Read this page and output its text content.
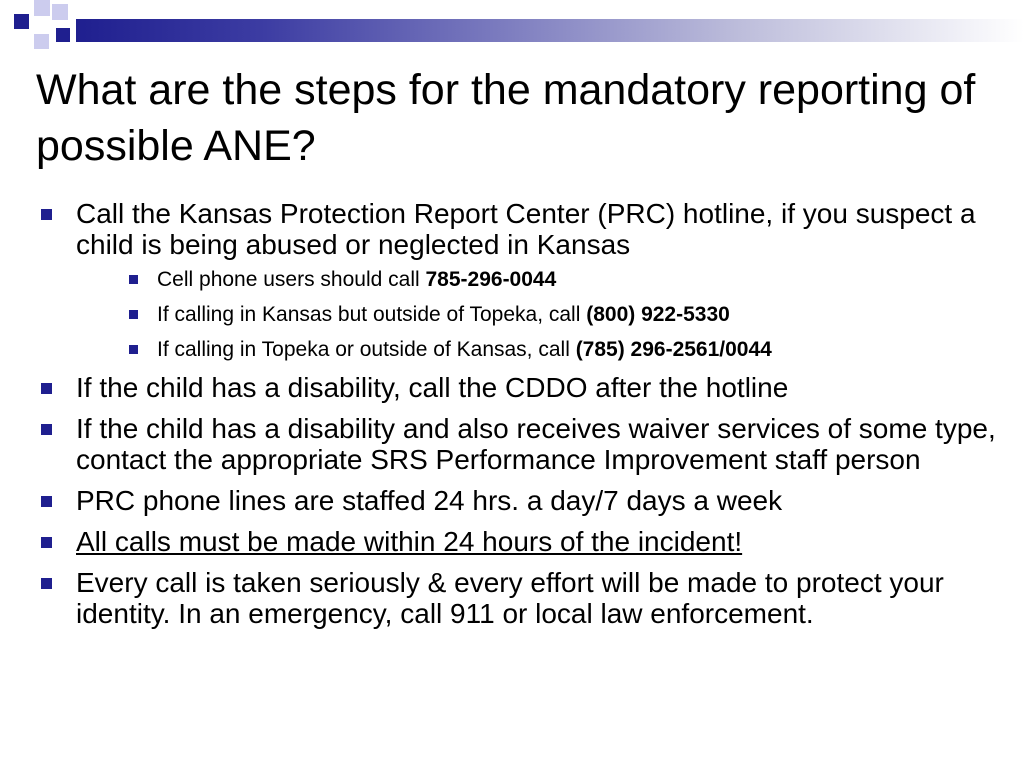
What are the steps for the mandatory reporting of possible ANE?
Call the Kansas Protection Report Center (PRC) hotline, if you suspect a child is being abused or neglected in Kansas
Cell phone users should call 785-296-0044
If calling in Kansas but outside of Topeka, call (800) 922-5330
If calling in Topeka or outside of Kansas, call (785) 296-2561/0044
If the child has a disability, call the CDDO after the hotline
If the child has a disability and also receives waiver services of some type, contact the appropriate SRS Performance Improvement staff person
PRC phone lines are staffed 24 hrs. a day/7 days a week
All calls must be made within 24 hours of the incident!
Every call is taken seriously & every effort will be made to protect your identity. In an emergency, call 911 or local law enforcement.
